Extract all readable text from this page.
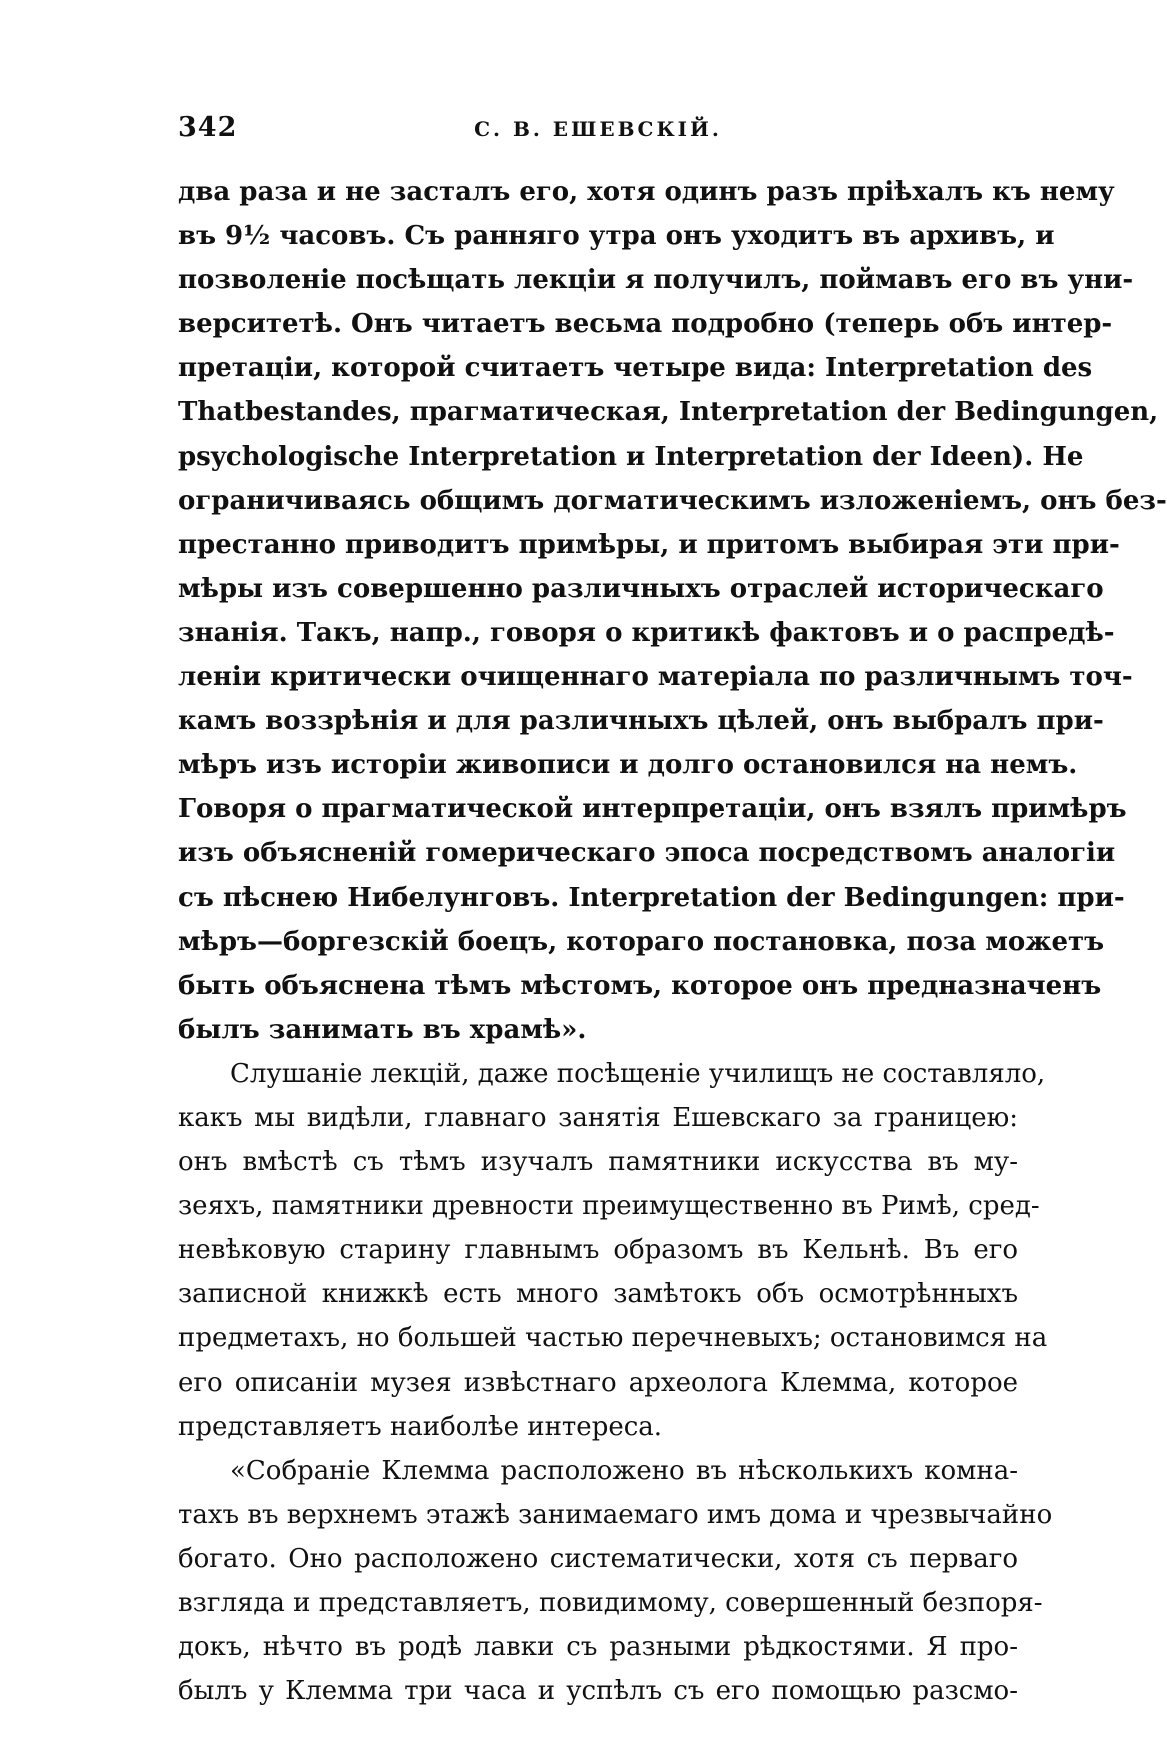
342	С. В. ЕШЕВСКІЙ.
два раза и не засталъ его, хотя одинъ разъ пріѣхалъ къ нему
въ 9½ часовъ. Съ ранняго утра онъ уходитъ въ архивъ, и
позволеніе посѣщать лекціи я получилъ, поймавъ его въ уни-
верситетѣ. Онъ читаетъ весьма подробно (теперь объ интер-
претаціи, которой считаетъ четыре вида: Interpretation des
Thatbestandes, прагматическая, Interpretation der Bedingungen,
psychologische Interpretation и Interpretation der Ideen). Не
ограничиваясь общимъ догматическимъ изложеніемъ, онъ без-
престанно приводитъ примѣры, и притомъ выбирая эти при-
мѣры изъ совершенно различныхъ отраслей историческаго
знанія. Такъ, напр., говоря о критикѣ фактовъ и о распредѣ-
леніи критически очищеннаго матеріала по различнымъ точ-
камъ воззрѣнія и для различныхъ цѣлей, онъ выбралъ при-
мѣръ изъ исторіи живописи и долго остановился на немъ.
Говоря о прагматической интерпретаціи, онъ взялъ примѣръ
изъ объясненій гомерическаго эпоса посредствомъ аналогіи
съ пѣснею Нибелунговъ. Interpretation der Bedingungen: при-
мѣръ—боргезскій боецъ, котораго постановка, поза можетъ
быть объяснена тѣмъ мѣстомъ, которое онъ предназначенъ
былъ занимать въ храмѣ».
Слушаніе лекцій, даже посѣщеніе училищъ не составляло,
какъ мы видѣли, главнаго занятія Ешевскаго за границею:
онъ вмѣстѣ съ тѣмъ изучалъ памятники искусства въ му-
зеяхъ, памятники древности преимущественно въ Римѣ, сред-
невѣковую старину главнымъ образомъ въ Кельнѣ. Въ его
записной книжкѣ есть много замѣтокъ объ осмотрѣнныхъ
предметахъ, но большей частью перечневыхъ; остановимся на
его описаніи музея извѣстнаго археолога Клемма, которое
представляетъ наиболѣе интереса.
«Собраніе Клемма расположено въ нѣсколькихъ комна-
тахъ въ верхнемъ этажѣ занимаемаго имъ дома и чрезвычайно
богато. Оно расположено систематически, хотя съ перваго
взгляда и представляетъ, повидимому, совершенный безпоря-
докъ, нѣчто въ родѣ лавки съ разными рѣдкостями. Я про-
былъ у Клемма три часа и успѣлъ съ его помощью разсмо-
